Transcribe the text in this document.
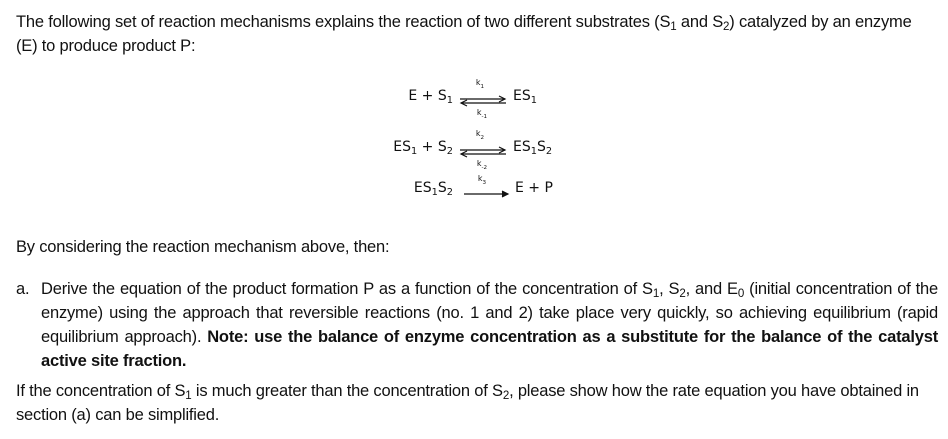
The following set of reaction mechanisms explains the reaction of two different substrates ($S_1$ and $S_2$) catalyzed by an enzyme (E) to produce product P:
$E + S_1$
$k_1$
$k_{-1}$
$ES_1$
$ES_1 + S_2$
$k_2$
$k_{-2}$
$ES_1S_2$
$ES_1S_2$
$k_3$	E + P
By considering the reaction mechanism above, then:
a. Derive the equation of the product formation P as a function of the concentration of $S_1$, $S_2$, and $E_0$ (initial concentration of the enzyme) using the approach that reversible reactions (no. 1 and 2) take place very quickly, so achieving equilibrium (rapid equilibrium approach). Note: use the balance of enzyme concentration as a substitute for the balance of the catalyst active site fraction.
If the concentration of $S_1$ is much greater than the concentration of $S_2$, please show how the rate equation you have obtained in section (a) can be simplified.
